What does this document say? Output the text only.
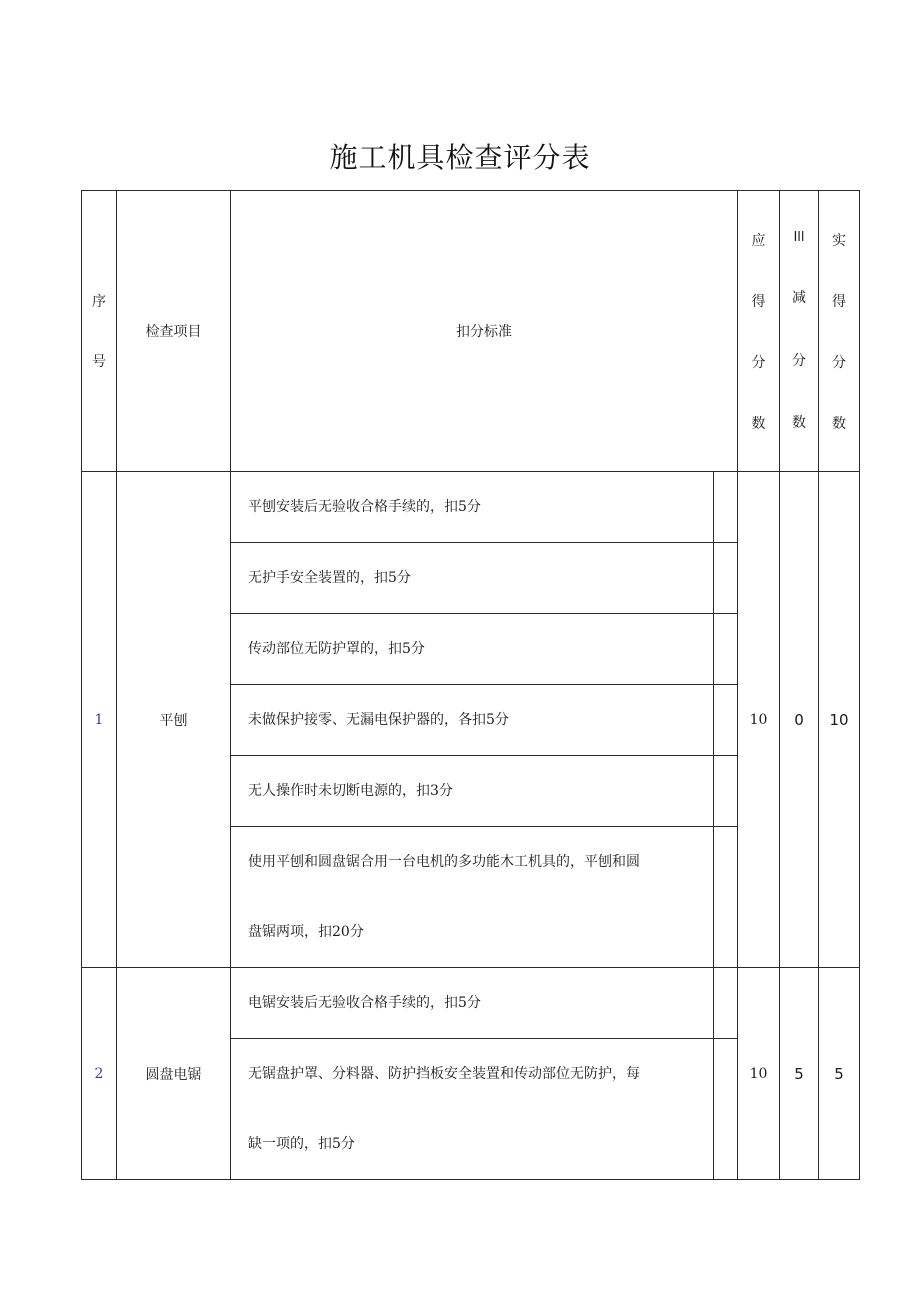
施工机具检查评分表
序
号	检查项目	扣分标准		应
得
分
数	Ill
减
分
数	实
得
分
数

1	平刨	平刨安装后无验收合格手续的，扣5分		10	0	10
		无护手安全装置的，扣5分				
		传动部位无防护罩的，扣5分				
		未做保护接零、无漏电保护器的，各扣5分				
		无人操作时未切断电源的，扣3分				

		使用平刨和圆盘锯合用一台电机的多功能木工机具的，平刨和圆
盘锯两项，扣20分				

2	圆盘电锯	电锯安装后无验收合格手续的，扣5分		10	5	5

		无锯盘护罩、分料器、防护挡板安全装置和传动部位无防护，每
缺一项的，扣5分				
